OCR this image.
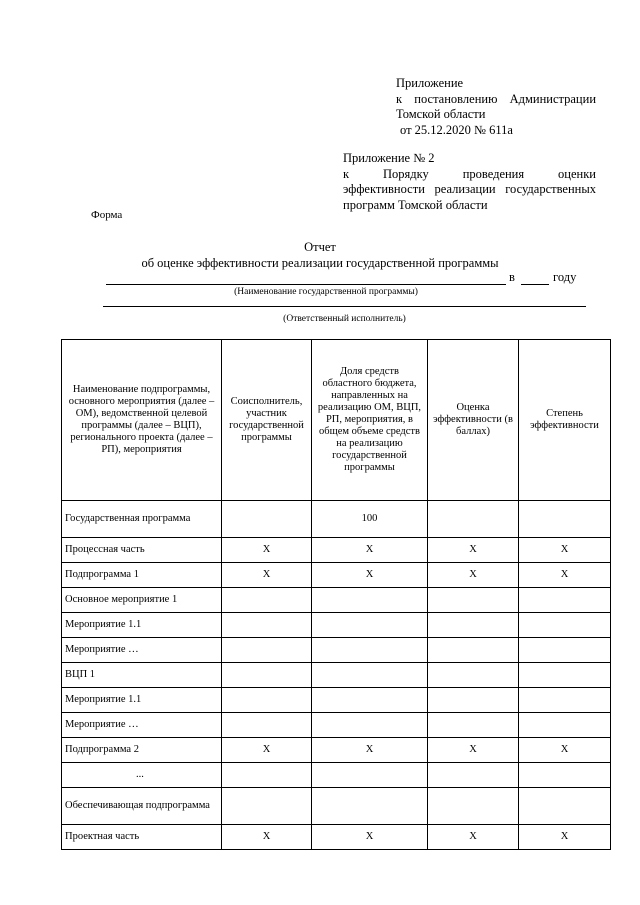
Приложение
к постановлению Администрации
Томской области
от 25.12.2020 № 611а
Приложение № 2
к	Порядку	проведения	оценки
эффективности реализации государственных
программ Томской области
Форма
Отчет
об оценке эффективности реализации государственной программы
в	году
(Наименование государственной программы)
(Ответственный исполнитель)
Наименование подпрограммы, основного мероприятия (далее – ОМ), ведомственной целевой программы (далее – ВЦП), регионального проекта (далее – РП), мероприятия	Соисполнитель, участник государственной программы	Доля средств областного бюджета, направленных на реализацию ОМ, ВЦП, РП, мероприятия, в общем объеме средств на реализацию государственной программы	Оценка эффективности (в баллах)	Степень эффективности
Государственная программа		100		
Процессная часть	X	X	X	X
Подпрограмма 1	X	X	X	X
Основное мероприятие 1				
Мероприятие 1.1				
Мероприятие …				
ВЦП 1				
Мероприятие 1.1				
Мероприятие …				
Подпрограмма 2	X	X	X	X
...				
Обеспечивающая подпрограмма				
Проектная часть	X	X	X	X
